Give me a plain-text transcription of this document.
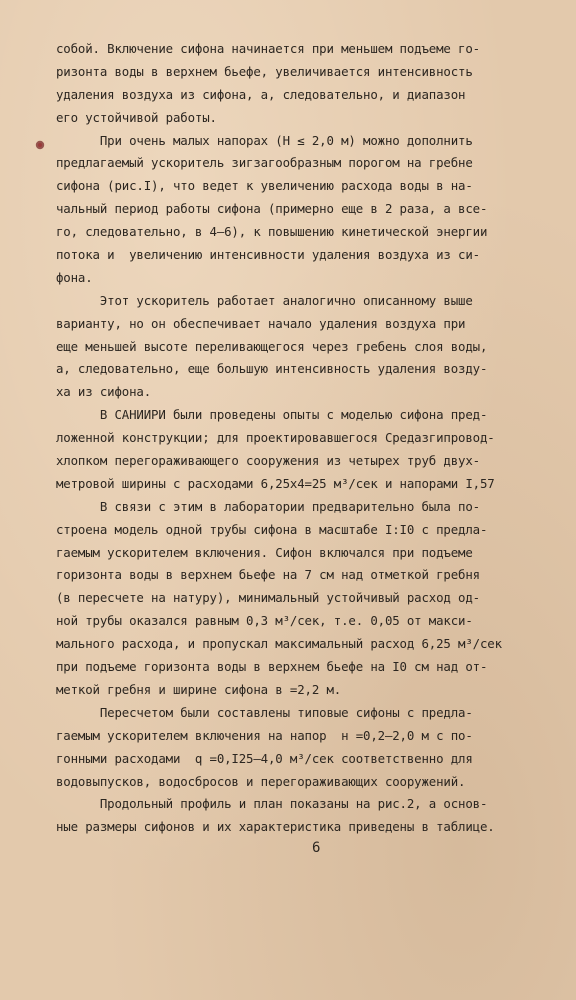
собой. Включение сифона начинается при меньшем подъеме го-
ризонта воды в верхнем бьефе, увеличивается интенсивность
удаления воздуха из сифона, а, следовательно, и диапазон
его устойчивой работы.
При очень малых напорах (Н ≤ 2,0 м) можно дополнить
предлагаемый ускоритель зигзагообразным порогом на гребне
сифона (рис.I), что ведет к увеличению расхода воды в на-
чальный период работы сифона (примерно еще в 2 раза, а все-
го, следовательно, в 4–6), к повышению кинетической энергии
потока и  увеличению интенсивности удаления воздуха из си-
фона.
Этот ускоритель работает аналогично описанному выше
варианту, но он обеспечивает начало удаления воздуха при
еще меньшей высоте переливающегося через гребень слоя воды,
а, следовательно, еще большую интенсивность удаления возду-
ха из сифона.
В САНИИРИ были проведены опыты с моделью сифона пред-
ложенной конструкции; для проектировавшегося Средазгипровод-
хлопком перегораживающего сооружения из четырех труб двух-
метровой ширины с расходами 6,25х4=25 м³/сек и напорами I,57
В связи с этим в лаборатории предварительно была по-
строена модель одной трубы сифона в масштабе I:I0 с предла-
гаемым ускорителем включения. Сифон включался при подъеме
горизонта воды в верхнем бьефе на 7 см над отметкой гребня
(в пересчете на натуру), минимальный устойчивый расход од-
ной трубы оказался равным 0,3 м³/сек, т.е. 0,05 от макси-
мального расхода, и пропускал максимальный расход 6,25 м³/сек
при подъеме горизонта воды в верхнем бьефе на I0 см над от-
меткой гребня и ширине сифона в =2,2 м.
Пересчетом были составлены типовые сифоны с предла-
гаемым ускорителем включения на напор  н =0,2–2,0 м с по-
гонными расходами  q =0,I25–4,0 м³/сек соответственно для
водовыпусков, водосбросов и перегораживающих сооружений.
Продольный профиль и план показаны на рис.2, а основ-
ные размеры сифонов и их характеристика приведены в таблице.
6
